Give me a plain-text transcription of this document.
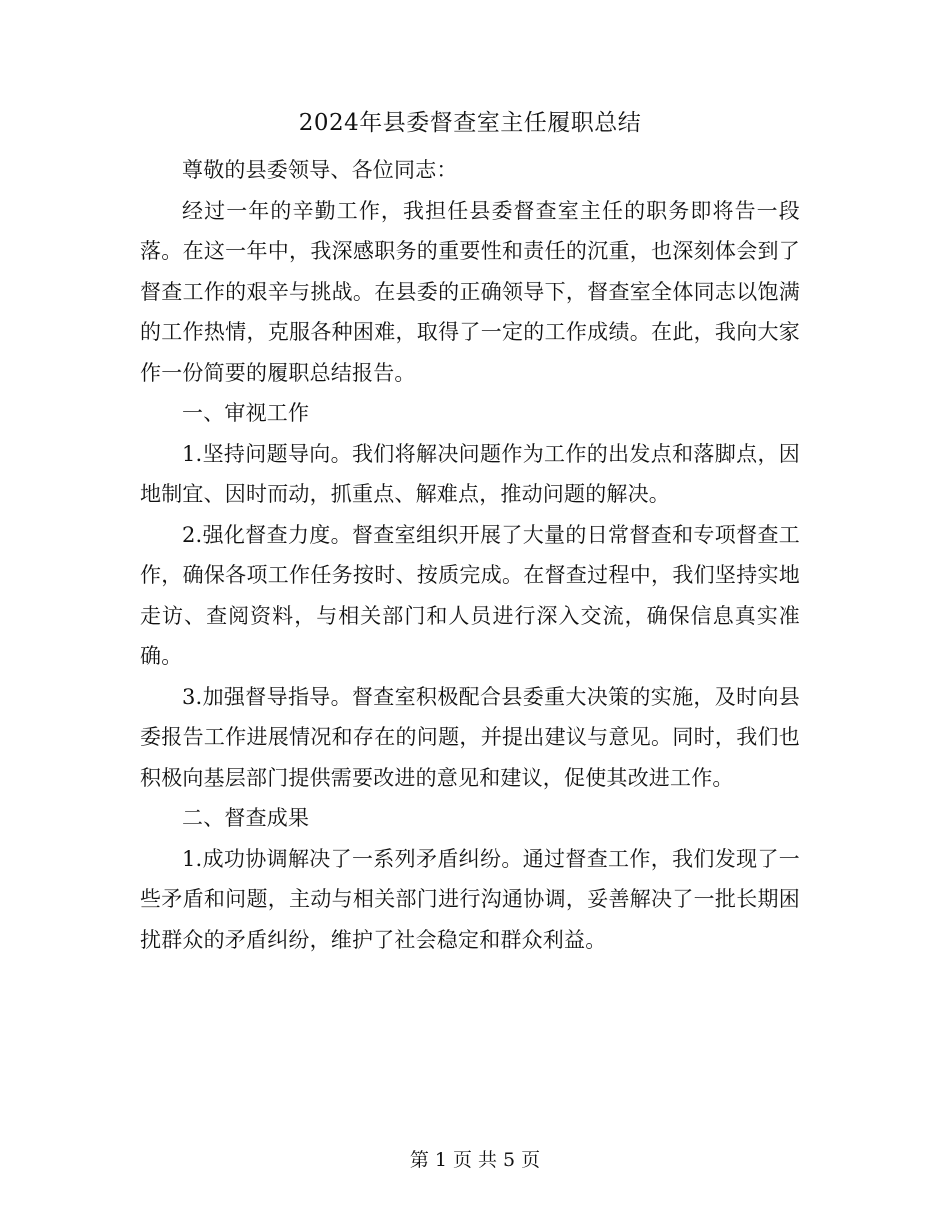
2024年县委督查室主任履职总结

尊敬的县委领导、各位同志：

经过一年的辛勤工作，我担任县委督查室主任的职务即将告一段落。在这一年中，我深感职务的重要性和责任的沉重，也深刻体会到了督查工作的艰辛与挑战。在县委的正确领导下，督查室全体同志以饱满的工作热情，克服各种困难，取得了一定的工作成绩。在此，我向大家作一份简要的履职总结报告。

一、审视工作

1.坚持问题导向。我们将解决问题作为工作的出发点和落脚点，因地制宜、因时而动，抓重点、解难点，推动问题的解决。

2.强化督查力度。督查室组织开展了大量的日常督查和专项督查工作，确保各项工作任务按时、按质完成。在督查过程中，我们坚持实地走访、查阅资料，与相关部门和人员进行深入交流，确保信息真实准确。

3.加强督导指导。督查室积极配合县委重大决策的实施，及时向县委报告工作进展情况和存在的问题，并提出建议与意见。同时，我们也积极向基层部门提供需要改进的意见和建议，促使其改进工作。

二、督查成果

1.成功协调解决了一系列矛盾纠纷。通过督查工作，我们发现了一些矛盾和问题，主动与相关部门进行沟通协调，妥善解决了一批长期困扰群众的矛盾纠纷，维护了社会稳定和群众利益。

第 1 页 共 5 页
